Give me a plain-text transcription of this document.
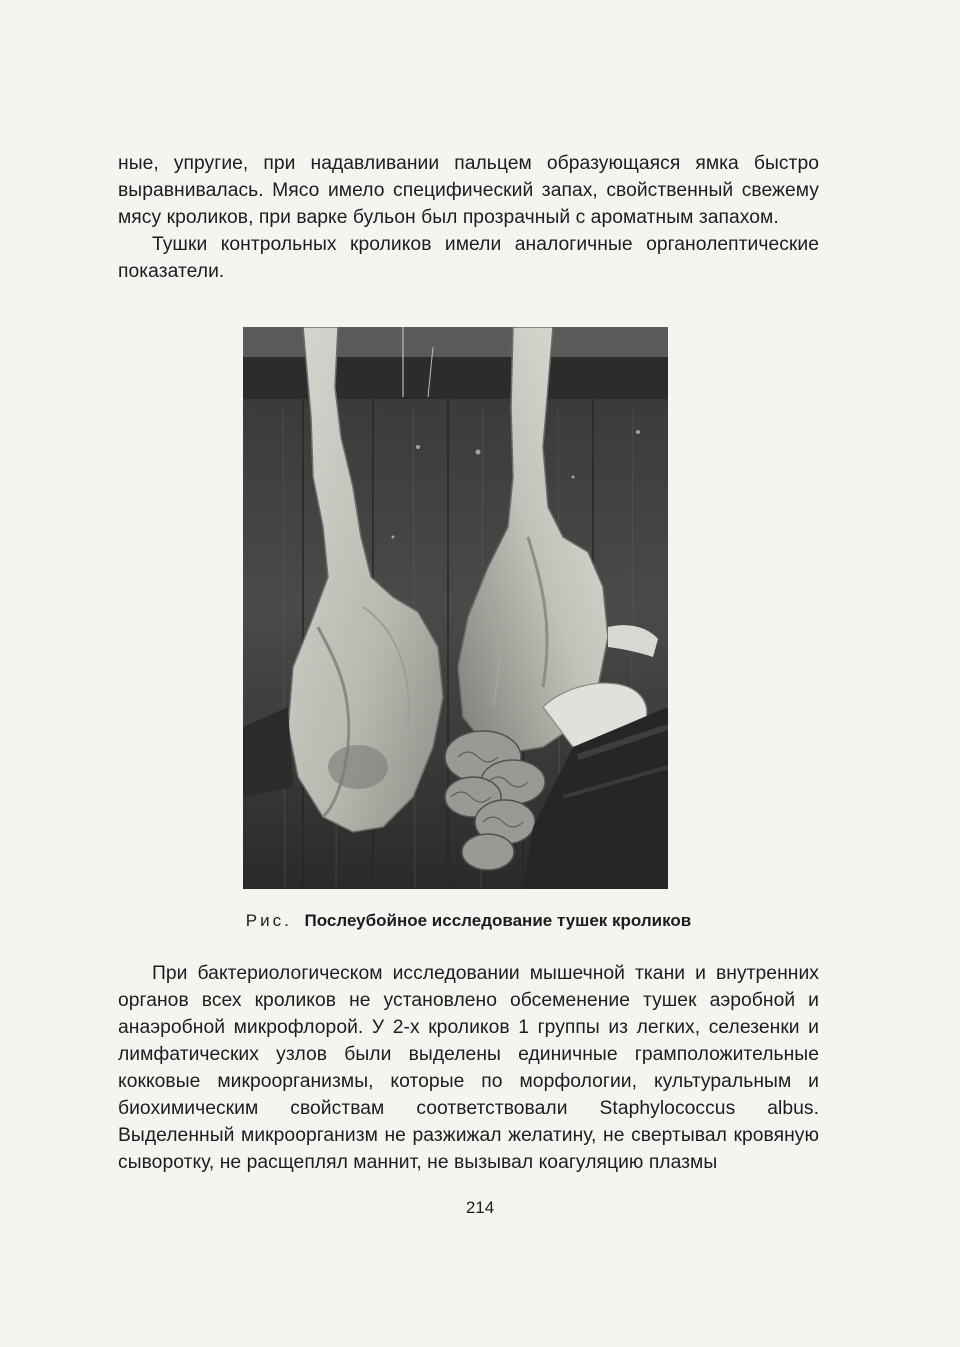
ные, упругие, при надавливании пальцем образующаяся ямка быстро выравнивалась. Мясо имело специфический запах, свойственный свежему мясу кроликов, при варке бульон был прозрачный с ароматным запахом.

Тушки контрольных кроликов имели аналогичные органолептические показатели.

Рис. Послеубойное исследование тушек кроликов

При бактериологическом исследовании мышечной ткани и внутренних органов всех кроликов не установлено обсеменение тушек аэробной и анаэробной микрофлорой. У 2-х кроликов 1 группы из легких, селезенки и лимфатических узлов были выделены единичные грамположительные кокковые микроорганизмы, которые по морфологии, культуральным и биохимическим свойствам соответствовали Staphylococcus albus. Выделенный микроорганизм не разжижал желатину, не свертывал кровяную сыворотку, не расщеплял маннит, не вызывал коагуляцию плазмы

214
